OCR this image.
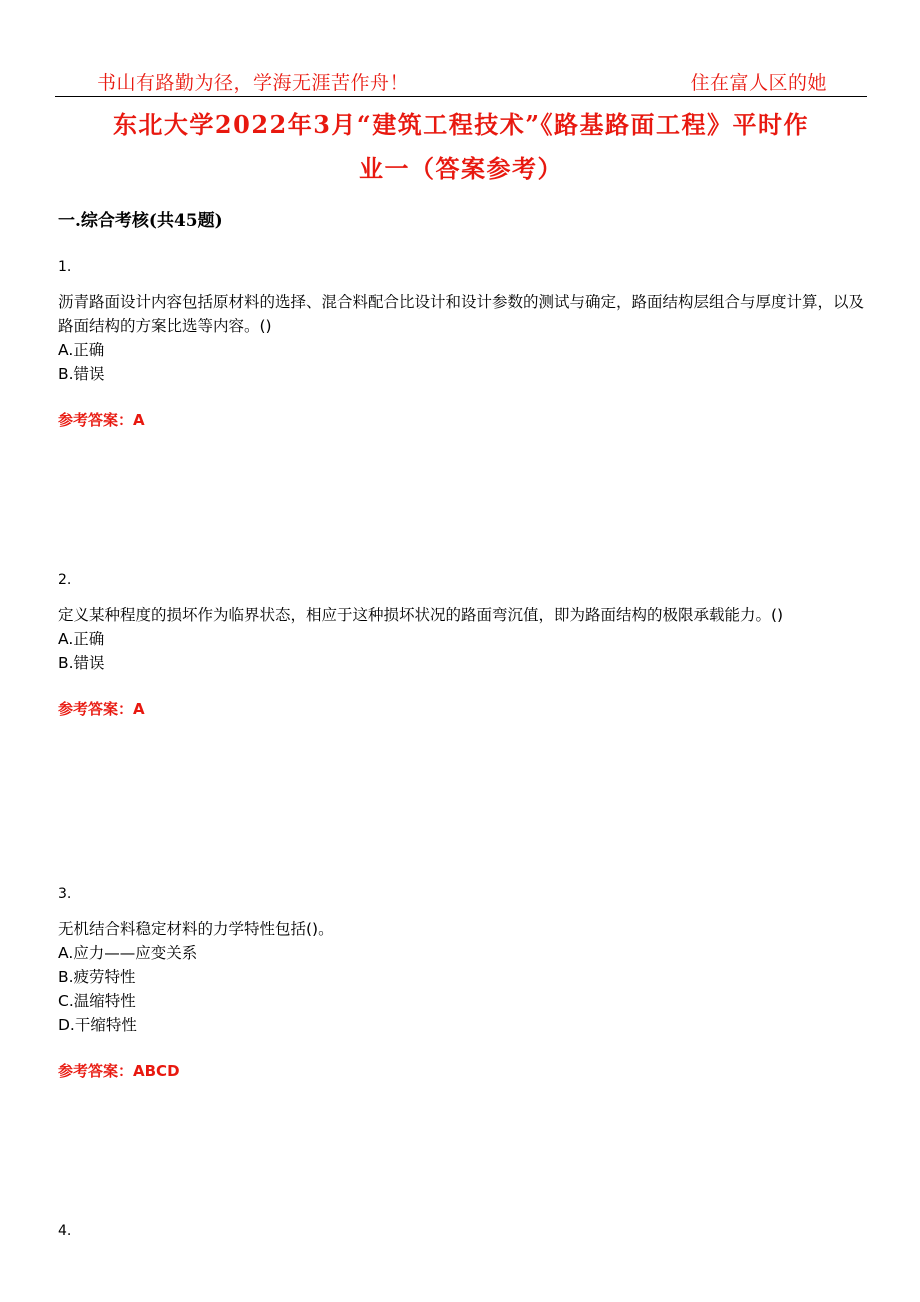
书山有路勤为径，学海无涯苦作舟！	住在富人区的她
东北大学2022年3月“建筑工程技术”《路基路面工程》平时作
业一（答案参考）
一.综合考核(共45题)
1.
沥青路面设计内容包括原材料的选择、混合料配合比设计和设计参数的测试与确定，路面结构层组合与厚度计算，以及路面结构的方案比选等内容。()
A.正确
B.错误
参考答案：A
2.
定义某种程度的损坏作为临界状态，相应于这种损坏状况的路面弯沉值，即为路面结构的极限承载能力。()
A.正确
B.错误
参考答案：A
3.
无机结合料稳定材料的力学特性包括()。
A.应力——应变关系
B.疲劳特性
C.温缩特性
D.干缩特性
参考答案：ABCD
4.
